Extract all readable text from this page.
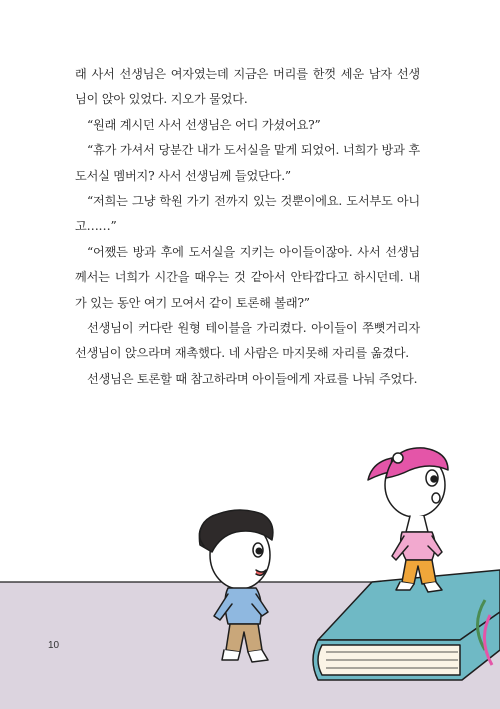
래 사서 선생님은 여자였는데 지금은 머리를 한껏 세운 남자 선생님이 앉아 있었다. 지오가 물었다.

“원래 계시던 사서 선생님은 어디 가셨어요?”

“휴가 가셔서 당분간 내가 도서실을 맡게 되었어. 너희가 방과 후 도서실 멤버지? 사서 선생님께 들었단다.”

“저희는 그냥 학원 가기 전까지 있는 것뿐이에요. 도서부도 아니고……”

“어쨌든 방과 후에 도서실을 지키는 아이들이잖아. 사서 선생님께서는 너희가 시간을 때우는 것 같아서 안타깝다고 하시던데. 내가 있는 동안 여기 모여서 같이 토론해 볼래?”

선생님이 커다란 원형 테이블을 가리켰다. 아이들이 쭈뼛거리자 선생님이 앉으라며 재촉했다. 네 사람은 마지못해 자리를 옮겼다.

선생님은 토론할 때 참고하라며 아이들에게 자료를 나눠 주었다.

10
